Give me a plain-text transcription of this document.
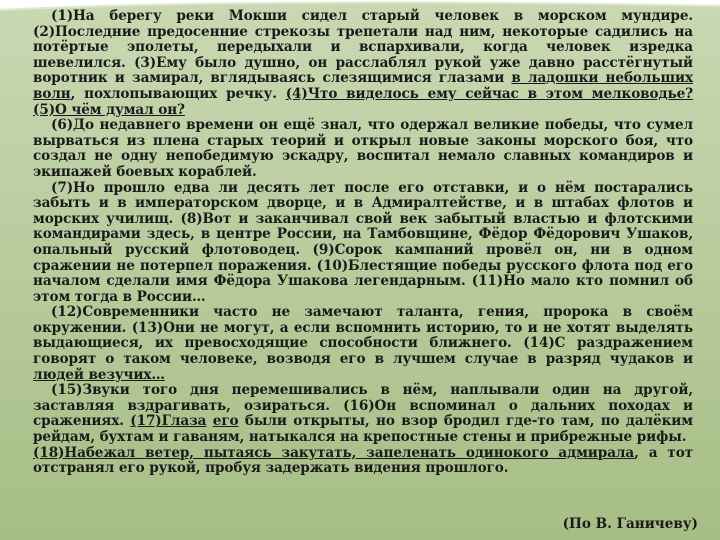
(1)На берегу реки Мокши сидел старый человек в морском мундире. (2)Последние предосенние стрекозы трепетали над ним, некоторые садились на потёртые эполеты, передыхали и вспархивали, когда человек изредка шевелился. (3)Ему было душно, он расслаблял рукой уже давно расстёгнутый воротник и замирал, вглядываясь слезящимися глазами в ладошки небольших волн, похлопывающих речку. (4)Что виделось ему сейчас в этом мелководье? (5)О чём думал он?

(6)До недавнего времени он ещё знал, что одержал великие победы, что сумел вырваться из плена старых теорий и открыл новые законы морского боя, что создал не одну непобедимую эскадру, воспитал немало славных командиров и экипажей боевых кораблей.

(7)Но прошло едва ли десять лет после его отставки, и о нём постарались забыть и в императорском дворце, и в Адмиралтействе, и в штабах флотов и морских училищ. (8)Вот и заканчивал свой век забытый властью и флотскими командирами здесь, в центре России, на Тамбовщине, Фёдор Фёдорович Ушаков, опальный русский флотоводец. (9)Сорок кампаний провёл он, ни в одном сражении не потерпел поражения. (10)Блестящие победы русского флота под его началом сделали имя Фёдора Ушакова легендарным. (11)Но мало кто помнил об этом тогда в России…

(12)Современники часто не замечают таланта, гения, пророка в своём окружении. (13)Они не могут, а если вспомнить историю, то и не хотят выделять выдающиеся, их превосходящие способности ближнего. (14)С раздражением говорят о таком человеке, возводя его в лучшем случае в разряд чудаков и людей везучих…

(15)Звуки того дня перемешивались в нём, наплывали один на другой, заставляя вздрагивать, озираться. (16)Он вспоминал о дальних походах и сражениях. (17)Глаза его были открыты, но взор бродил где-то там, по далёким рейдам, бухтам и гаваням, натыкался на крепостные стены и прибрежные рифы.

(18)Набежал ветер, пытаясь закутать, запеленать одинокого адмирала, а тот отстранял его рукой, пробуя задержать видения прошлого.

(По В. Ганичеву)
